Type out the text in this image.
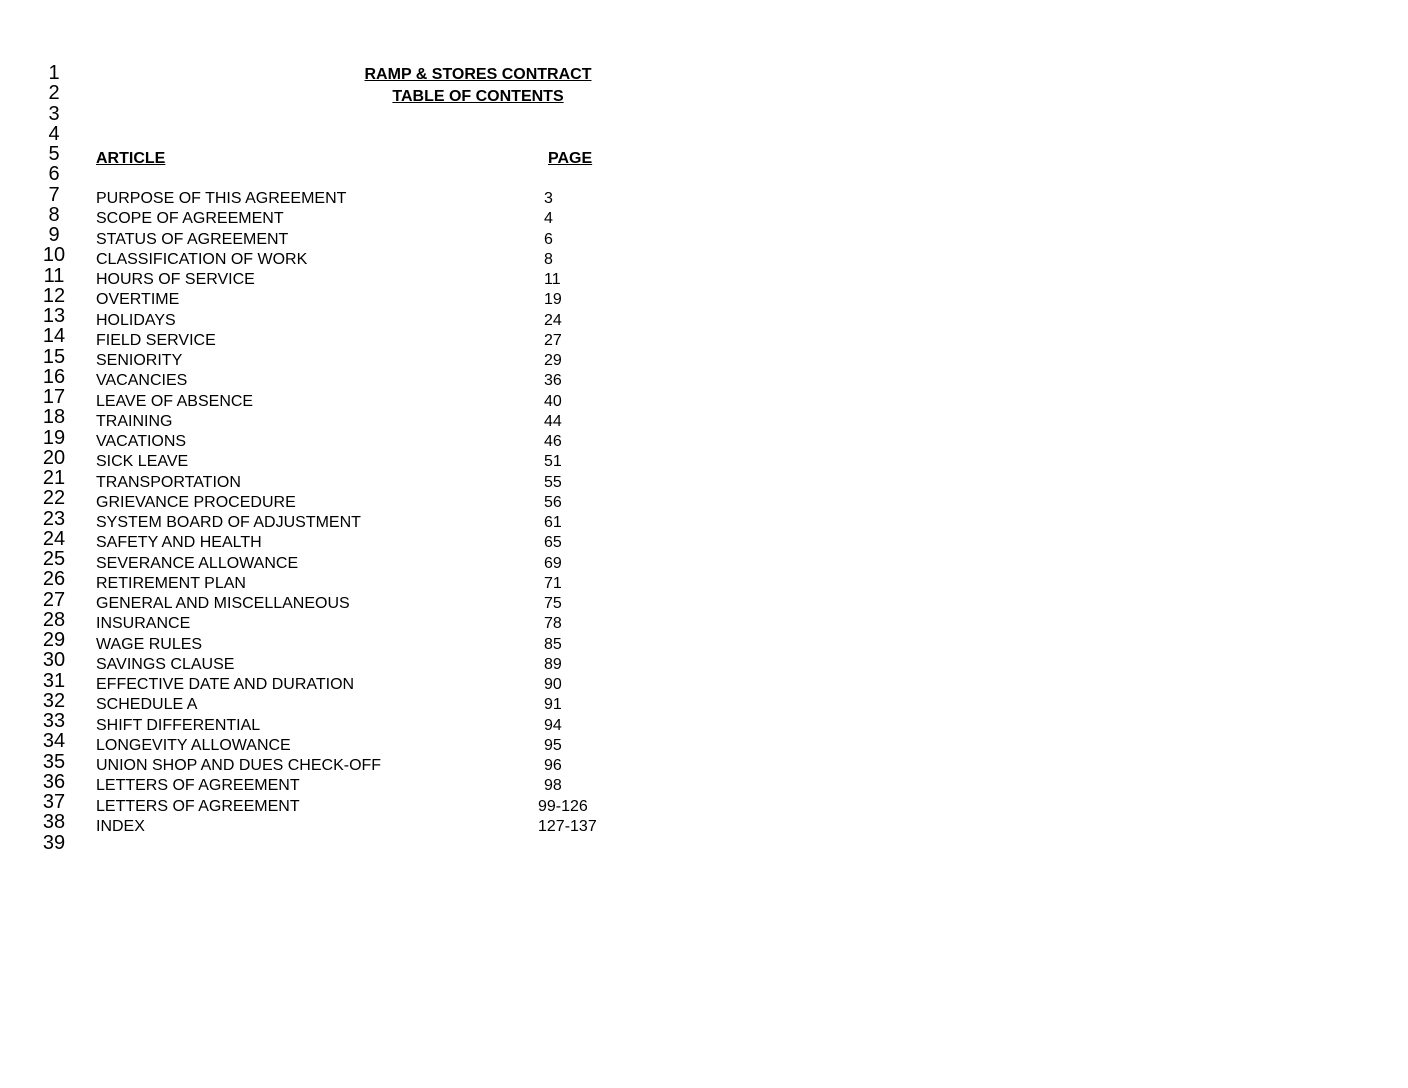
1
2
3
4
5
6
7
8
9
10
11
12
13
14
15
16
17
18
19
20
21
22
23
24
25
26
27
28
29
30
31
32
33
34
35
36
37
38
39
RAMP & STORES CONTRACT
TABLE OF CONTENTS
ARTICLE	PAGE
PURPOSE OF THIS AGREEMENT	3
SCOPE OF AGREEMENT	4
STATUS OF AGREEMENT	6
CLASSIFICATION OF WORK	8
HOURS OF SERVICE	11
OVERTIME	19
HOLIDAYS	24
FIELD SERVICE	27
SENIORITY	29
VACANCIES	36
LEAVE OF ABSENCE	40
TRAINING	44
VACATIONS	46
SICK LEAVE	51
TRANSPORTATION	55
GRIEVANCE PROCEDURE	56
SYSTEM BOARD OF ADJUSTMENT	61
SAFETY AND HEALTH	65
SEVERANCE ALLOWANCE	69
RETIREMENT PLAN	71
GENERAL AND MISCELLANEOUS	75
INSURANCE	78
WAGE RULES	85
SAVINGS CLAUSE	89
EFFECTIVE DATE AND DURATION	90
SCHEDULE A	91
SHIFT DIFFERENTIAL	94
LONGEVITY ALLOWANCE	95
UNION SHOP AND DUES CHECK-OFF	96
LETTERS OF AGREEMENT	98
LETTERS OF AGREEMENT	99-126
INDEX	127-137
